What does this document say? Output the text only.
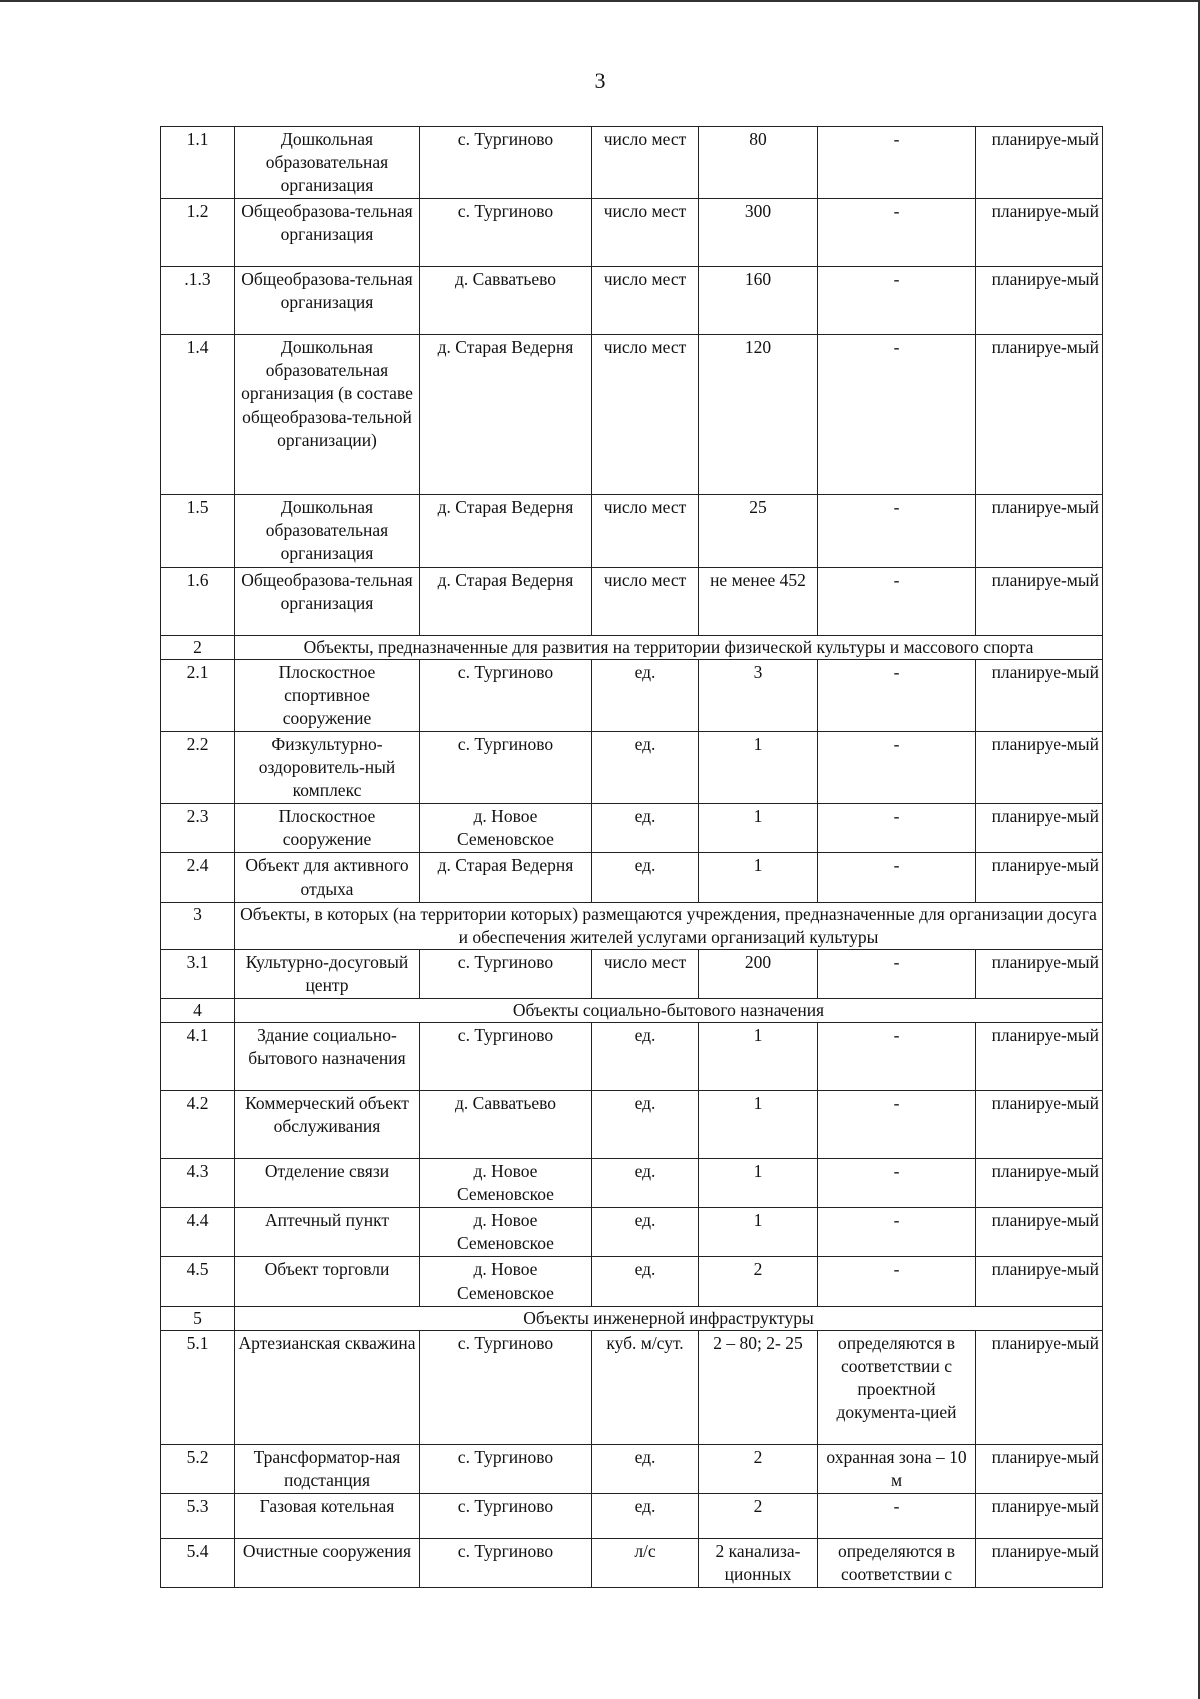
3
1.1	Дошкольная образовательная организация	с. Тургиново	число мест	80	-	планируе-мый
1.2	Общеобразова-тельная организация	с. Тургиново	число мест	300	-	планируе-мый
.1.3	Общеобразова-тельная организация	д. Савватьево	число мест	160	-	планируе-мый
1.4	Дошкольная образовательная организация (в составе общеобразова-тельной организации)	д. Старая Ведерня	число мест	120	-	планируе-мый
1.5	Дошкольная образовательная организация	д. Старая Ведерня	число мест	25	-	планируе-мый
1.6	Общеобразова-тельная организация	д. Старая Ведерня	число мест	не менее 452	-	планируе-мый
2	Объекты, предназначенные для развития на территории физической культуры и массового спорта					
2.1	Плоскостное спортивное сооружение	с. Тургиново	ед.	3	-	планируе-мый
2.2	Физкультурно-оздоровитель-ный комплекс	с. Тургиново	ед.	1	-	планируе-мый
2.3	Плоскостное сооружение	д. Новое Семеновское	ед.	1	-	планируе-мый
2.4	Объект для активного отдыха	д. Старая Ведерня	ед.	1	-	планируе-мый
3	Объекты, в которых (на территории которых) размещаются учреждения, предназначенные для организации досуга и обеспечения жителей услугами организаций культуры					
3.1	Культурно-досуговый центр	с. Тургиново	число мест	200	-	планируе-мый
4	Объекты социально-бытового назначения					
4.1	Здание социально-бытового назначения	с. Тургиново	ед.	1	-	планируе-мый
4.2	Коммерческий объект обслуживания	д. Савватьево	ед.	1	-	планируе-мый
4.3	Отделение связи	д. Новое Семеновское	ед.	1	-	планируе-мый
4.4	Аптечный пункт	д. Новое Семеновское	ед.	1	-	планируе-мый
4.5	Объект торговли	д. Новое Семеновское	ед.	2	-	планируе-мый
5	Объекты инженерной инфраструктуры					
5.1	Артезианская скважина	с. Тургиново	куб. м/сут.	2 – 80; 2- 25	определяются в соответствии с проектной документа-цией	планируе-мый
5.2	Трансформатор-ная подстанция	с. Тургиново	ед.	2	охранная зона – 10 м	планируе-мый
5.3	Газовая котельная	с. Тургиново	ед.	2	-	планируе-мый
5.4	Очистные сооружения	с. Тургиново	л/с	2 канализа-ционных	определяются в соответствии с	планируе-мый
